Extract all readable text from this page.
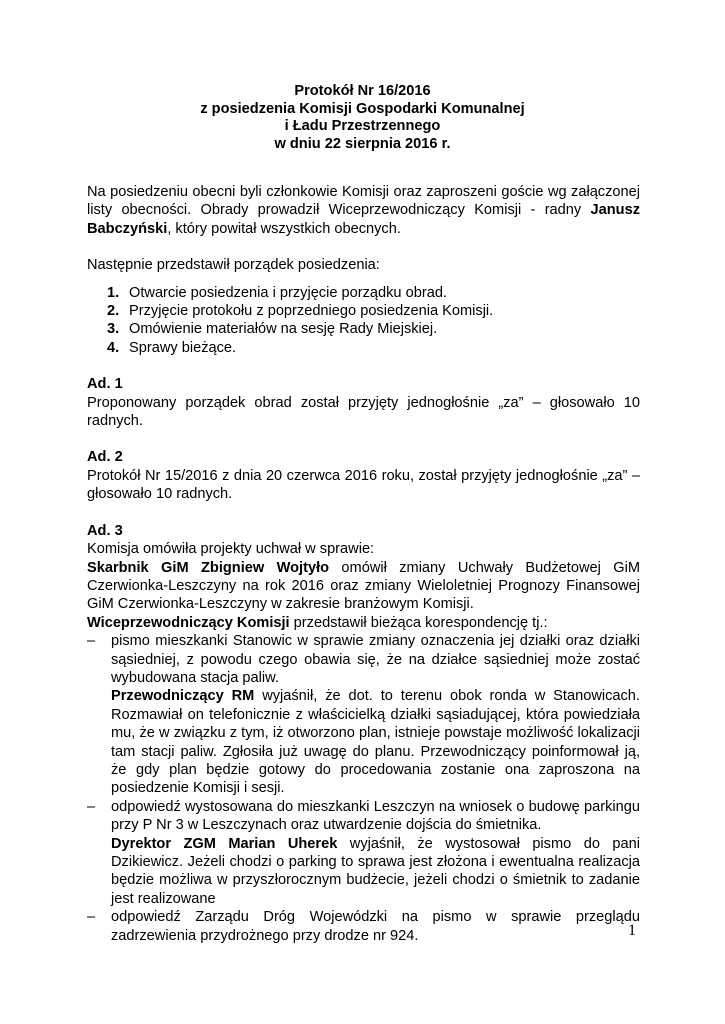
Protokół Nr 16/2016
z posiedzenia Komisji Gospodarki Komunalnej
i Ładu Przestrzennego
w dniu 22 sierpnia 2016 r.

Na posiedzeniu obecni byli członkowie Komisji oraz zaproszeni goście wg załączonej listy obecności. Obrady prowadził Wiceprzewodniczący Komisji - radny Janusz Babczyński, który powitał wszystkich obecnych.

Następnie przedstawił porządek posiedzenia:

1. Otwarcie posiedzenia i przyjęcie porządku obrad.
2. Przyjęcie protokołu z poprzedniego posiedzenia Komisji.
3. Omówienie materiałów na sesję Rady Miejskiej.
4. Sprawy bieżące.
Ad. 1

Proponowany porządek obrad został przyjęty jednogłośnie „za” – głosowało 10 radnych.

Ad. 2

Protokół Nr 15/2016 z dnia 20 czerwca 2016 roku, został przyjęty jednogłośnie „za” – głosowało 10 radnych.

Ad. 3

Komisja omówiła projekty uchwał w sprawie:

Skarbnik GiM Zbigniew Wojtyło omówił zmiany Uchwały Budżetowej GiM Czerwionka-Leszczyny na rok 2016 oraz zmiany Wieloletniej Prognozy Finansowej GiM Czerwionka-Leszczyny w zakresie branżowym Komisji.

Wiceprzewodniczący Komisji przedstawił bieżąca korespondencję tj.:

– pismo mieszkanki Stanowic w sprawie zmiany oznaczenia jej działki oraz działki sąsiedniej, z powodu czego obawia się, że na działce sąsiedniej może zostać wybudowana stacja paliw.

Przewodniczący RM wyjaśnił, że dot. to terenu obok ronda w Stanowicach. Rozmawiał on telefonicznie z właścicielką działki sąsiadującej, która powiedziała mu, że w związku z tym, iż otworzono plan, istnieje powstaje możliwość lokalizacji tam stacji paliw. Zgłosiła już uwagę do planu. Przewodniczący poinformował ją, że gdy plan będzie gotowy do procedowania zostanie ona zaproszona na posiedzenie Komisji i sesji.

– odpowiedź wystosowana do mieszkanki Leszczyn na wniosek o budowę parkingu przy P Nr 3 w Leszczynach oraz utwardzenie dojścia do śmietnika.

Dyrektor ZGM Marian Uherek wyjaśnił, że wystosował pismo do pani Dzikiewicz. Jeżeli chodzi o parking to sprawa jest złożona i ewentualna realizacja będzie możliwa w przyszłorocznym budżecie, jeżeli chodzi o śmietnik to zadanie jest realizowane

– odpowiedź Zarządu Dróg Wojewódzki na pismo w sprawie przeglądu zadrzewienia przydrożnego przy drodze nr 924.	1
